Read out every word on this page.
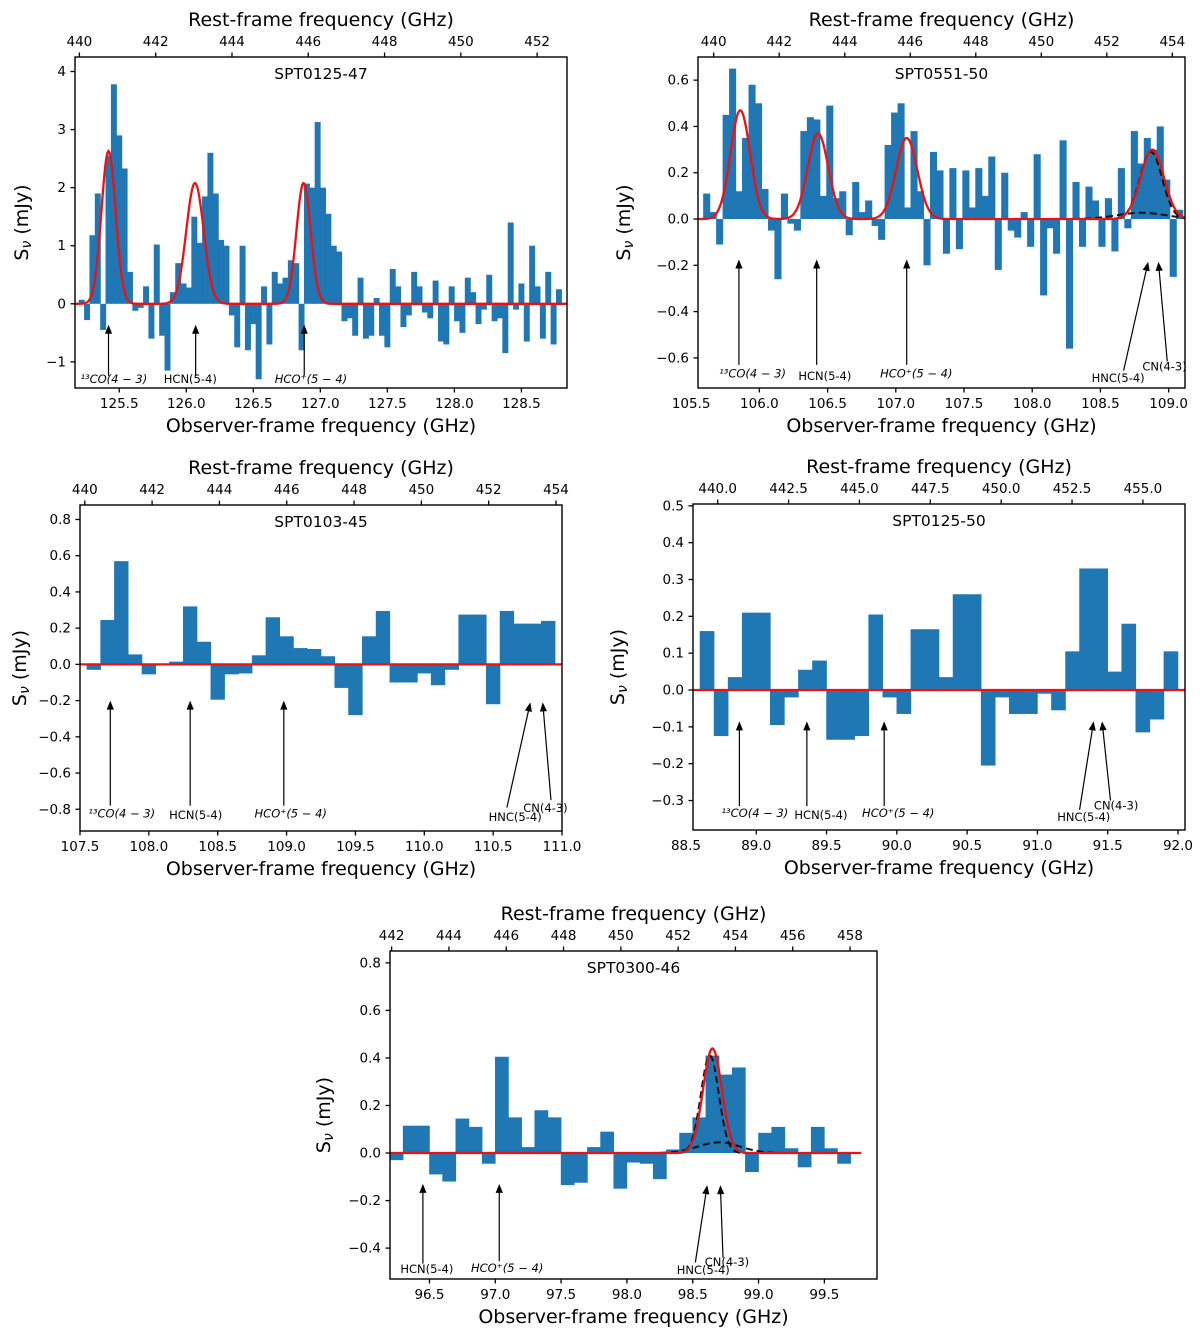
125.5 126.0 126.5 127.0 127.5 128.0 128.5
Observer-frame frequency (GHz)
440	442	444	446	448	450	452
Rest-frame frequency (GHz)
−1
0
1
2
3
4
Sν (mJy)
SPT0125-47
¹³CO(4 − 3) HCN(5-4)	HCO⁺(5 − 4)
105.5 106.0 106.5 107.0 107.5 108.0 108.5 109.0
Observer-frame frequency (GHz)
440	442	444	446	448	450	452	454
Rest-frame frequency (GHz)
−0.6
−0.4
−0.2
0.0
0.2
0.4
0.6
Sν (mJy)
SPT0551-50
¹³CO(4 − 3) HCN(5-4) HCO⁺(5 − 4)	HNC(5-4)
CN(4-3)
107.5 108.0 108.5 109.0 109.5 110.0 110.5 111.0
Observer-frame frequency (GHz)
440	442	444	446	448	450	452	454
Rest-frame frequency (GHz)
−0.8
−0.6
−0.4
−0.2
0.0
0.2
0.4
0.6
0.8
Sν (mJy)
SPT0103-45
¹³CO(4 − 3) HCN(5-4)	HCO⁺(5 − 4)	HNC(5-4)
CN(4-3)
88.5	89.0	89.5	90.0	90.5	91.0	91.5	92.0
Observer-frame frequency (GHz)
440.0 442.5 445.0 447.5 450.0 452.5 455.0
Rest-frame frequency (GHz)
−0.3
−0.2
−0.1
0.0
0.1
0.2
0.3
0.4
0.5
Sν (mJy)
SPT0125-50
¹³CO(4 − 3) HCN(5-4) HCO⁺(5 − 4)	HNC(5-4)
CN(4-3)
96.5	97.0	97.5	98.0	98.5	99.0	99.5
Observer-frame frequency (GHz)
442 444 446 448 450 452 454 456 458
Rest-frame frequency (GHz)
−0.4
−0.2
0.0
0.2
0.4
0.6
0.8
Sν (mJy)
SPT0300-46
HCN(5-4) HCO⁺(5 − 4)	HNC(5-4)
CN(4-3)
